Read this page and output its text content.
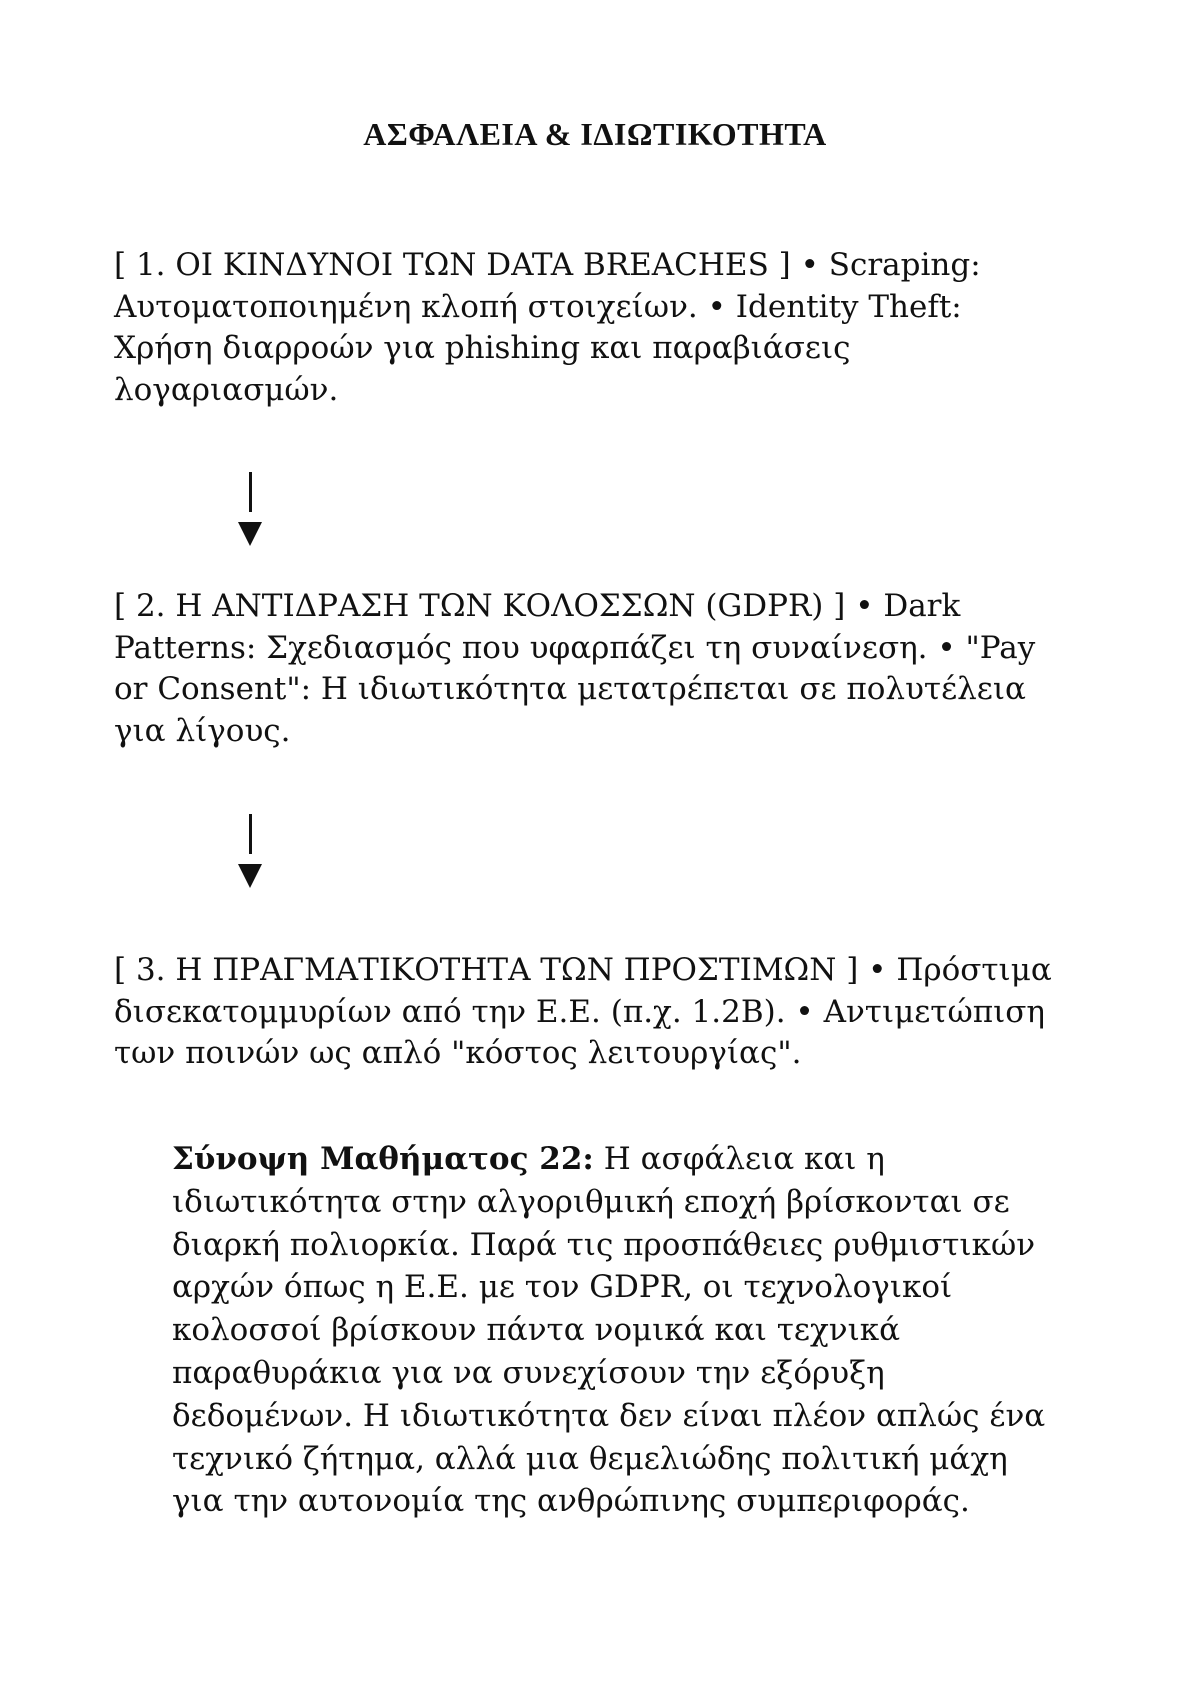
ΑΣΦΑΛΕΙΑ & ΙΔΙΩΤΙΚΟΤΗΤΑ

[ 1. ΟΙ ΚΙΝΔΥΝΟΙ ΤΩΝ DATA BREACHES ] • Scraping: Αυτοματοποιημένη κλοπή στοιχείων. • Identity Theft: Χρήση διαρροών για phishing και παραβιάσεις λογαριασμών.

[ 2. Η ΑΝΤΙΔΡΑΣΗ ΤΩΝ ΚΟΛΟΣΣΩΝ (GDPR) ] • Dark Patterns: Σχεδιασμός που υφαρπάζει τη συναίνεση. • "Pay or Consent": Η ιδιωτικότητα μετατρέπεται σε πολυτέλεια για λίγους.

[ 3. Η ΠΡΑΓΜΑΤΙΚΟΤΗΤΑ ΤΩΝ ΠΡΟΣΤΙΜΩΝ ] • Πρόστιμα δισεκατομμυρίων από την Ε.Ε. (π.χ. 1.2B). • Αντιμετώπιση των ποινών ως απλό "κόστος λειτουργίας".

Σύνοψη Μαθήματος 22: Η ασφάλεια και η ιδιωτικότητα στην αλγοριθμική εποχή βρίσκονται σε διαρκή πολιορκία. Παρά τις προσπάθειες ρυθμιστικών αρχών όπως η Ε.Ε. με τον GDPR, οι τεχνολογικοί κολοσσοί βρίσκουν πάντα νομικά και τεχνικά παραθυράκια για να συνεχίσουν την εξόρυξη δεδομένων. Η ιδιωτικότητα δεν είναι πλέον απλώς ένα τεχνικό ζήτημα, αλλά μια θεμελιώδης πολιτική μάχη για την αυτονομία της ανθρώπινης συμπεριφοράς.
